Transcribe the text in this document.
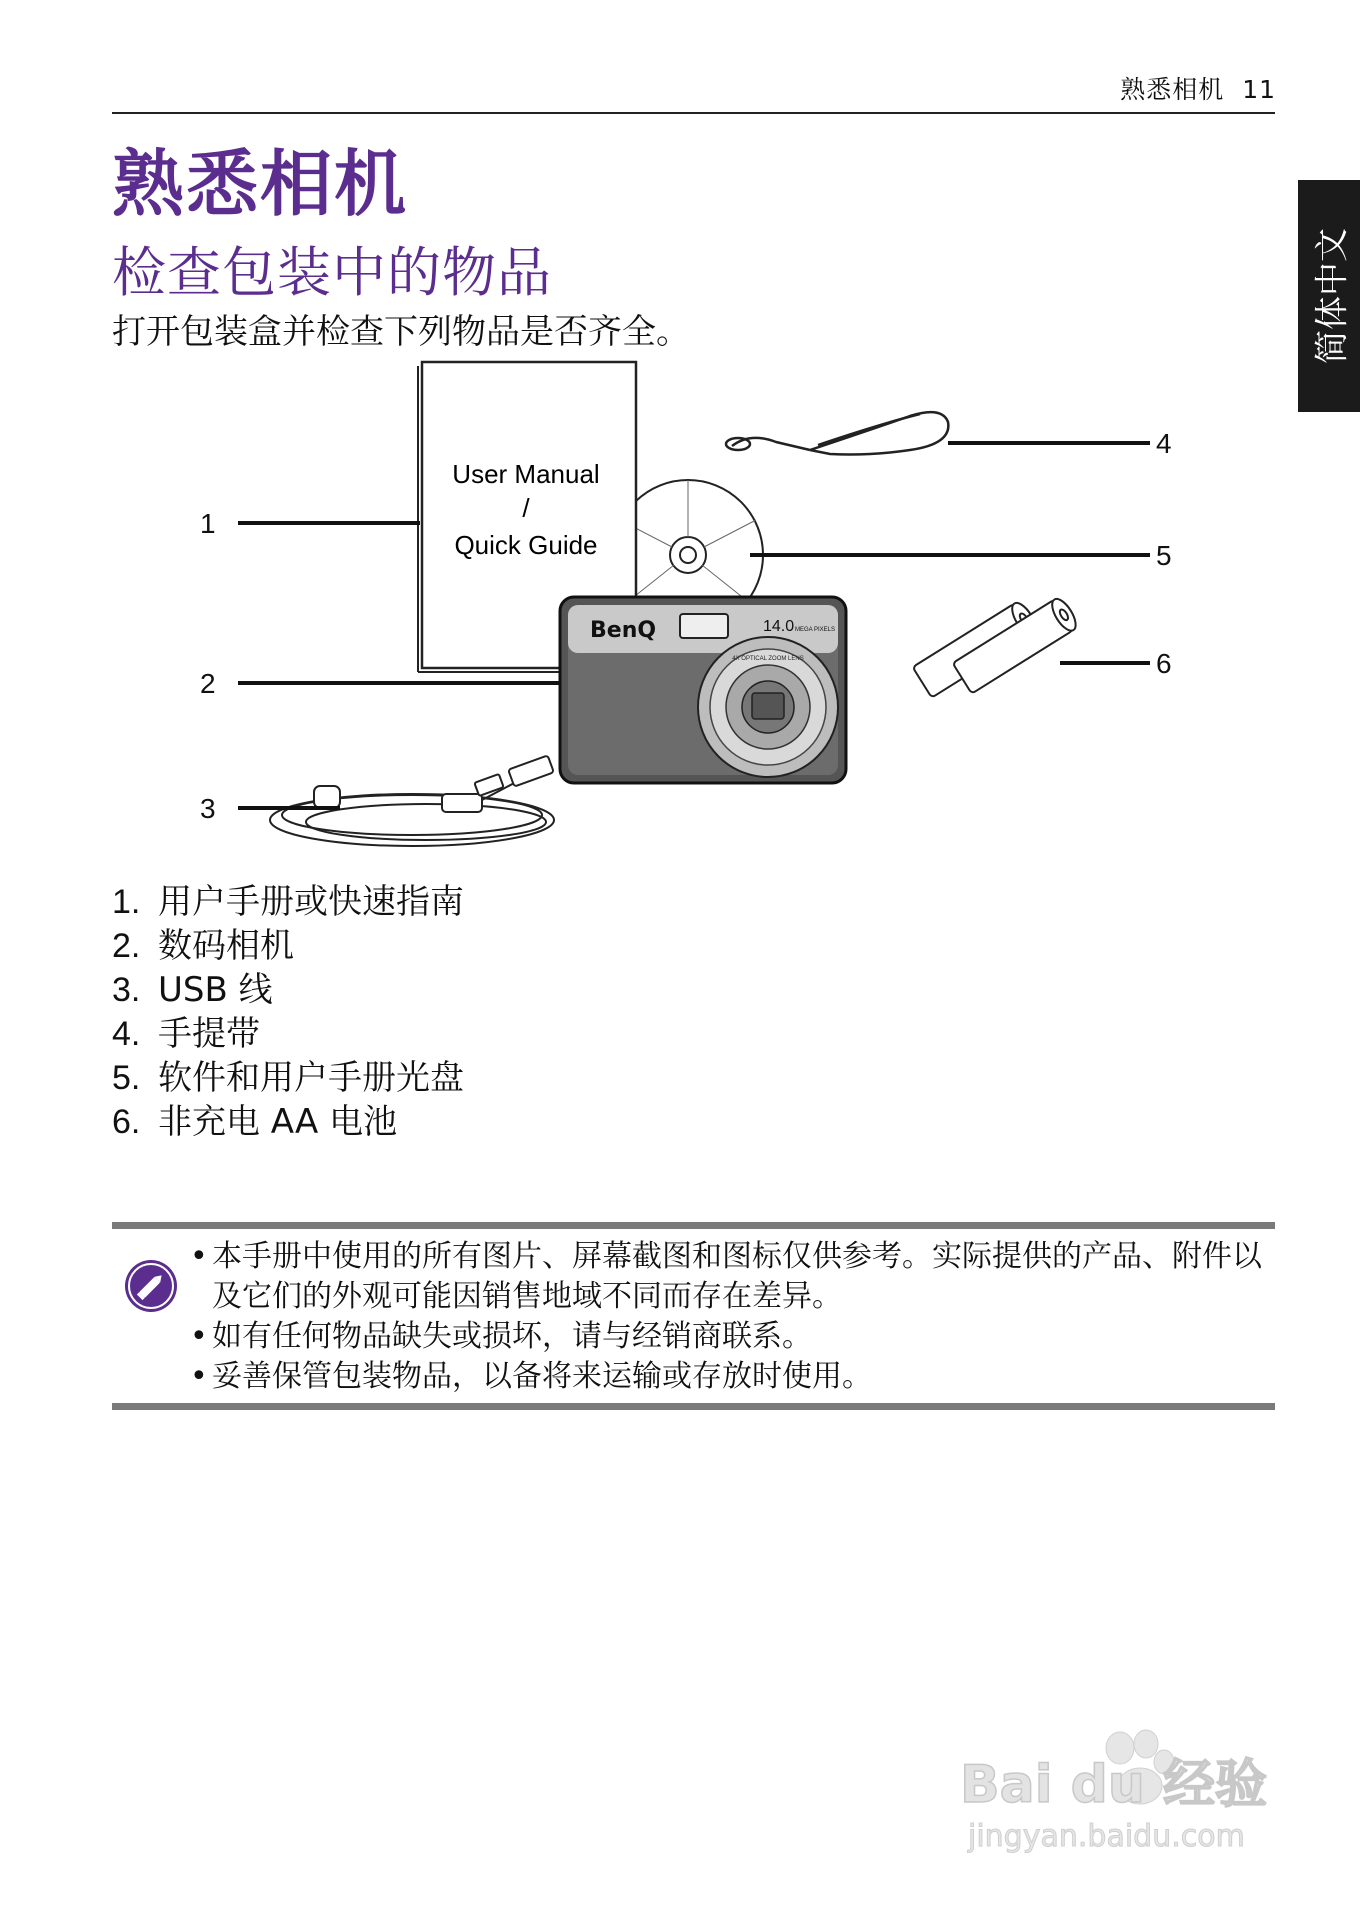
熟悉相机 11
简体中文
熟悉相机
检查包装中的物品
打开包装盒并检查下列物品是否齐全。
User Manual
/
Quick Guide
BenQ	14.0 MEGA PIXELS
4X OPTICAL ZOOM LENS
1
2
3
4
5
6
1. 用户手册或快速指南
2. 数码相机
3. USB 线
4. 手提带
5. 软件和用户手册光盘
6. 非充电 AA 电池
• 本手册中使用的所有图片、屏幕截图和图标仅供参考。实际提供的产品、附件以及它们的外观可能因销售地域不同而存在差异。
• 如有任何物品缺失或损坏，请与经销商联系。
• 妥善保管包装物品，以备将来运输或存放时使用。
Bai du 经验
jingyan.baidu.com
